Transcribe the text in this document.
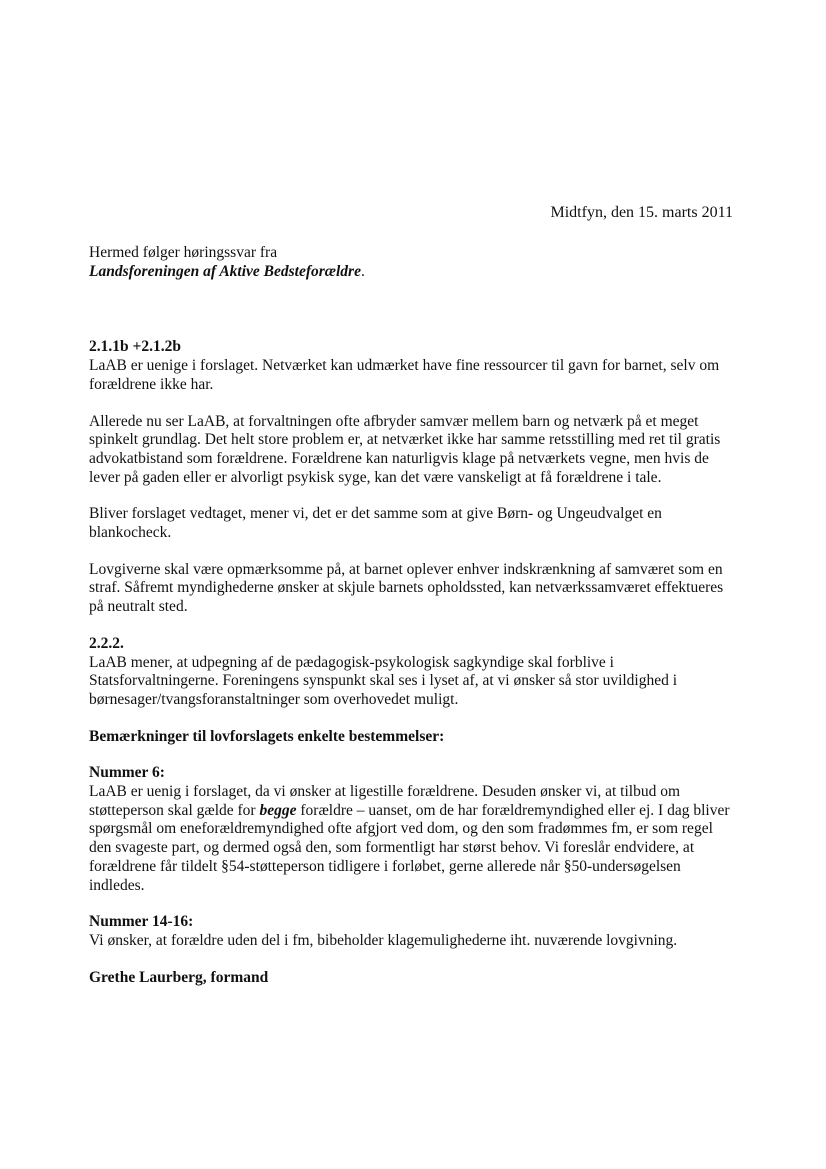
Midtfyn, den 15. marts 2011

Hermed følger høringssvar fra
Landsforeningen af Aktive Bedsteforældre.

2.1.1b +2.1.2b

LaAB er uenige i forslaget. Netværket kan udmærket have fine ressourcer til gavn for barnet, selv om forældrene ikke har.

Allerede nu ser LaAB, at forvaltningen ofte afbryder samvær mellem barn og netværk på et meget spinkelt grundlag. Det helt store problem er, at netværket ikke har samme retsstilling med ret til gratis advokatbistand som forældrene. Forældrene kan naturligvis klage på netværkets vegne, men hvis de lever på gaden eller er alvorligt psykisk syge, kan det være vanskeligt at få forældrene i tale.

Bliver forslaget vedtaget, mener vi, det er det samme som at give Børn- og Ungeudvalget en blankocheck.

Lovgiverne skal være opmærksomme på, at barnet oplever enhver indskrænkning af samværet som en straf. Såfremt myndighederne ønsker at skjule barnets opholdssted, kan netværkssamværet effektueres på neutralt sted.

2.2.2.

LaAB mener, at udpegning af de pædagogisk-psykologisk sagkyndige skal forblive i Statsforvaltningerne. Foreningens synspunkt skal ses i lyset af, at vi ønsker så stor uvildighed i børnesager/tvangsforanstaltninger som overhovedet muligt.

Bemærkninger til lovforslagets enkelte bestemmelser:

Nummer 6:

LaAB er uenig i forslaget, da vi ønsker at ligestille forældrene. Desuden ønsker vi, at tilbud om støtteperson skal gælde for begge forældre – uanset, om de har forældremyndighed eller ej. I dag bliver spørgsmål om eneforældremyndighed ofte afgjort ved dom, og den som fradømmes fm, er som regel den svageste part, og dermed også den, som formentligt har størst behov. Vi foreslår endvidere, at forældrene får tildelt §54-støtteperson tidligere i forløbet, gerne allerede når §50-undersøgelsen indledes.

Nummer 14-16:

Vi ønsker, at forældre uden del i fm, bibeholder klagemulighederne iht. nuværende lovgivning.

Grethe Laurberg, formand
